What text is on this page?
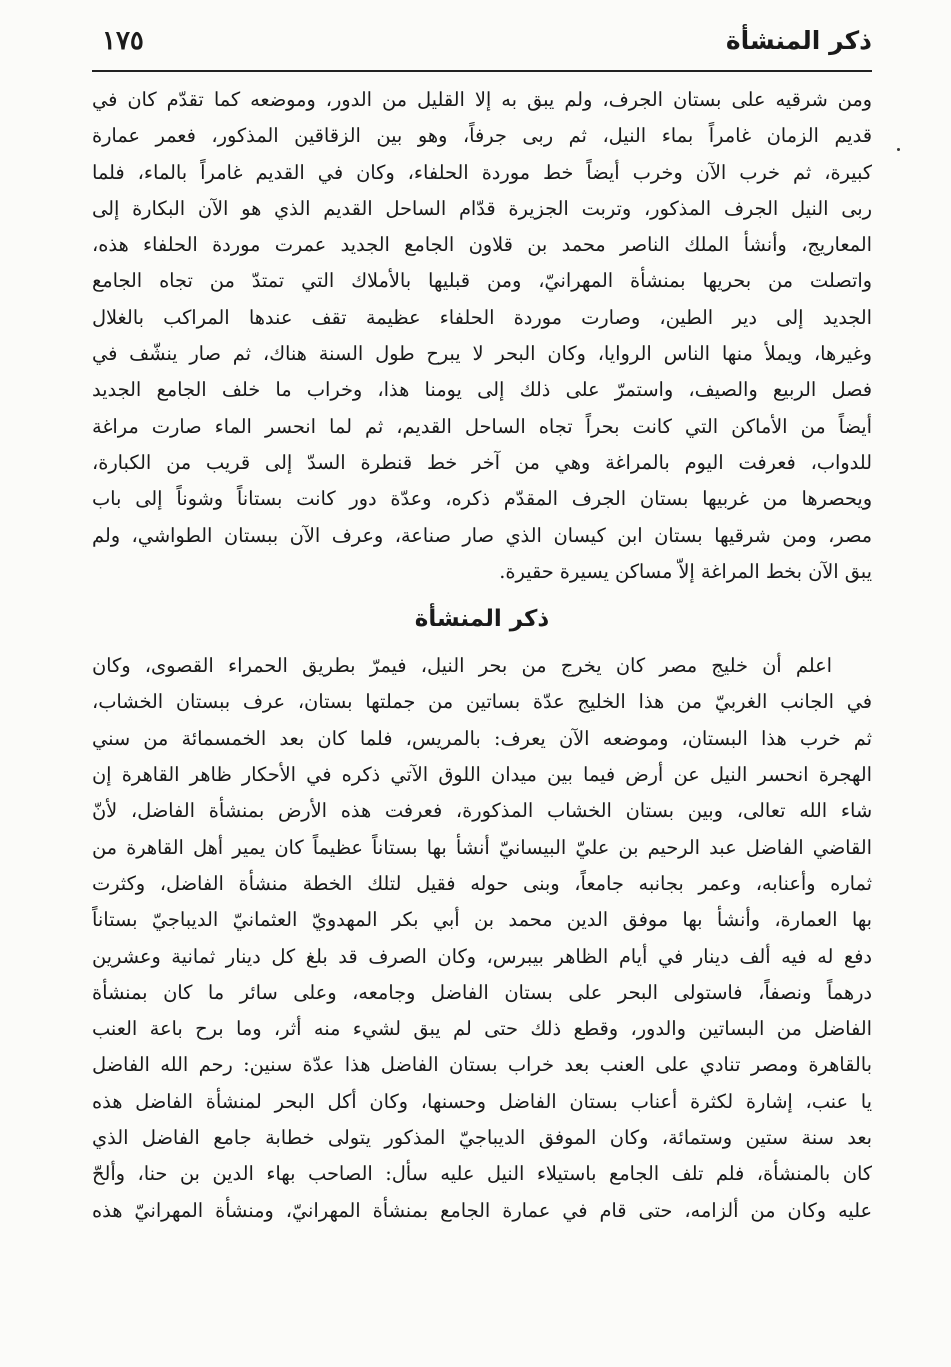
ذكر المنشأة
١٧٥
ومن شرقيه على بستان الجرف، ولم يبق به إلا القليل من الدور، وموضعه كما تقدّم كان في
قديم الزمان غامراً بماء النيل، ثم ربى جرفاً، وهو بين الزقاقين المذكور، فعمر عمارة
كبيرة، ثم خرب الآن وخرب أيضاً خط موردة الحلفاء، وكان في القديم غامراً بالماء، فلما
ربى النيل الجرف المذكور، وتربت الجزيرة قدّام الساحل القديم الذي هو الآن البكارة إلى
المعاريج، وأنشأ الملك الناصر محمد بن قلاون الجامع الجديد عمرت موردة الحلفاء هذه،
واتصلت من بحريها بمنشأة المهرانيّ، ومن قبليها بالأملاك التي تمتدّ من تجاه الجامع
الجديد إلى دير الطين، وصارت موردة الحلفاء عظيمة تقف عندها المراكب بالغلال
وغيرها، ويملأ منها الناس الروايا، وكان البحر لا يبرح طول السنة هناك، ثم صار ينشّف في
فصل الربيع والصيف، واستمرّ على ذلك إلى يومنا هذا، وخراب ما خلف الجامع الجديد
أيضاً من الأماكن التي كانت بحراً تجاه الساحل القديم، ثم لما انحسر الماء صارت مراغة
للدواب، فعرفت اليوم بالمراغة وهي من آخر خط قنطرة السدّ إلى قريب من الكبارة،
ويحصرها من غربيها بستان الجرف المقدّم ذكره، وعدّة دور كانت بستاناً وشوناً إلى باب
مصر، ومن شرقيها بستان ابن كيسان الذي صار صناعة، وعرف الآن ببستان الطواشي، ولم
يبق الآن بخط المراغة إلاّ مساكن يسيرة حقيرة.
ذكر المنشأة
اعلم أن خليج مصر كان يخرج من بحر النيل، فيمرّ بطريق الحمراء القصوى، وكان
في الجانب الغربيّ من هذا الخليج عدّة بساتين من جملتها بستان، عرف ببستان الخشاب،
ثم خرب هذا البستان، وموضعه الآن يعرف: بالمريس، فلما كان بعد الخمسمائة من سني
الهجرة انحسر النيل عن أرض فيما بين ميدان اللوق الآتي ذكره في الأحكار ظاهر القاهرة إن
شاء الله تعالى، وبين بستان الخشاب المذكورة، فعرفت هذه الأرض بمنشأة الفاضل، لأنّ
القاضي الفاضل عبد الرحيم بن عليّ البيسانيّ أنشأ بها بستاناً عظيماً كان يمير أهل القاهرة من
ثماره وأعنابه، وعمر بجانبه جامعاً، وبنى حوله فقيل لتلك الخطة منشأة الفاضل، وكثرت
بها العمارة، وأنشأ بها موفق الدين محمد بن أبي بكر المهدويّ العثمانيّ الديباجيّ بستاناً
دفع له فيه ألف دينار في أيام الظاهر بيبرس، وكان الصرف قد بلغ كل دينار ثمانية وعشرين
درهماً ونصفاً، فاستولى البحر على بستان الفاضل وجامعه، وعلى سائر ما كان بمنشأة
الفاضل من البساتين والدور، وقطع ذلك حتى لم يبق لشيء منه أثر، وما برح باعة العنب
بالقاهرة ومصر تنادي على العنب بعد خراب بستان الفاضل هذا عدّة سنين: رحم الله الفاضل
يا عنب، إشارة لكثرة أعناب بستان الفاضل وحسنها، وكان أكل البحر لمنشأة الفاضل هذه
بعد سنة ستين وستمائة، وكان الموفق الديباجيّ المذكور يتولى خطابة جامع الفاضل الذي
كان بالمنشأة، فلم تلف الجامع باستيلاء النيل عليه سأل: الصاحب بهاء الدين بن حنا، وألحّ
عليه وكان من ألزامه، حتى قام في عمارة الجامع بمنشأة المهرانيّ، ومنشأة المهرانيّ هذه
